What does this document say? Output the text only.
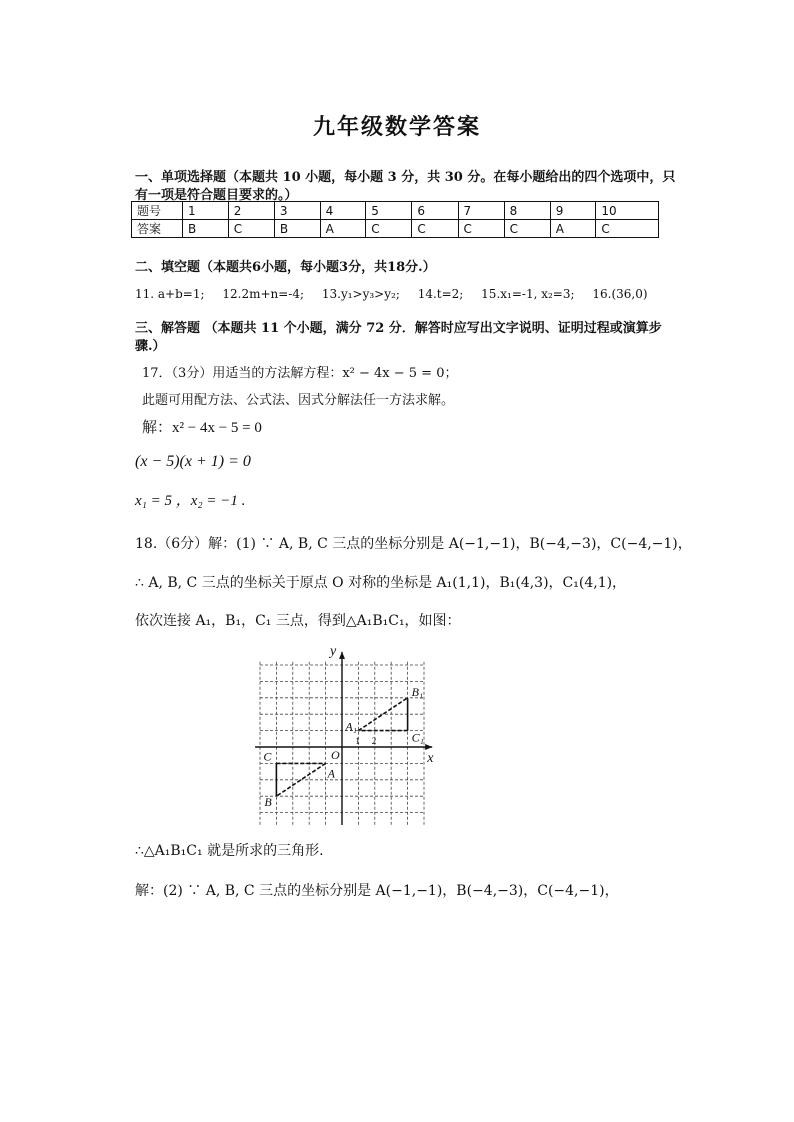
九年级数学答案
一、单项选择题（本题共 10 小题，每小题 3 分，共 30 分。在每小题给出的四个选项中，只
有一项是符合题目要求的。）
题号	1	2	3	4	5	6	7	8	9	10
答案	B	C	B	A	C	C	C	C	A	C
二、填空题（本题共6小题，每小题3分，共18分.）
11. a+b=1; 12.2m+n=-4; 13.y₁>y₃>y₂; 14.t=2; 15.x₁=-1, x₂=3; 16.(36,0)
三、解答题 （本题共 11 个小题，满分 72 分．解答时应写出文字说明、证明过程或演算步
骤.）
17．（3分）用适当的方法解方程：x² − 4x − 5 = 0；
此题可用配方法、公式法、因式分解法任一方法求解。
解：x² − 4x − 5 = 0
(x − 5)(x + 1) = 0
x₁ = 5 ，x₂ = −1 .
18.（6分）解：(1) ∵ A, B, C 三点的坐标分别是 A(−1,−1)，B(−4,−3)，C(−4,−1)，
∴ A, B, C 三点的坐标关于原点 O 对称的坐标是 A₁(1,1)，B₁(4,3)，C₁(4,1)，
依次连接 A₁，B₁，C₁ 三点，得到△A₁B₁C₁，如图：
A
B
C
A₁
B₁
C₁
x
y
O
1 2
∴△A₁B₁C₁ 就是所求的三角形.
解：(2) ∵ A, B, C 三点的坐标分别是 A(−1,−1)，B(−4,−3)，C(−4,−1)，
